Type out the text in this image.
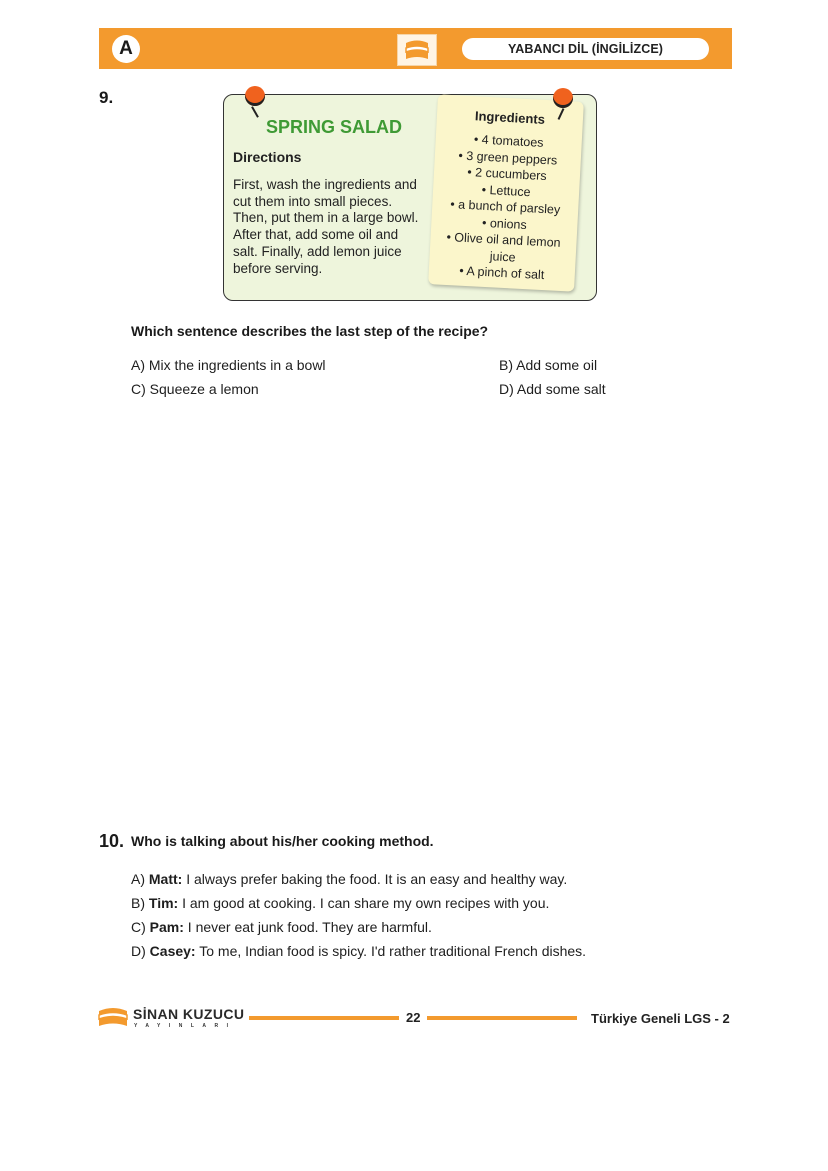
A	YABANCI DİL (İNGİLİZCE)
9.
SPRING SALAD
Directions
First, wash the ingredients and
cut them into small pieces.
Then, put them in a large bowl.
After that, add some oil and
salt. Finally, add lemon juice
before serving.
Ingredients
• 4 tomatoes
• 3 green peppers
• 2 cucumbers
• Lettuce
• a bunch of parsley
• onions
• Olive oil and lemon
juice
• A pinch of salt
Which sentence describes the last step of the recipe?
A) Mix the ingredients in a bowl	B) Add some oil
C) Squeeze a lemon	D) Add some salt
10. Who is talking about his/her cooking method.
A) Matt: I always prefer baking the food. It is an easy and healthy way.
B) Tim: I am good at cooking. I can share my own recipes with you.
C) Pam: I never eat junk food. They are harmful.
D) Casey: To me, Indian food is spicy. I'd rather traditional French dishes.
SİNAN KUZUCU
YAYINLARI
22	Türkiye Geneli LGS - 2
